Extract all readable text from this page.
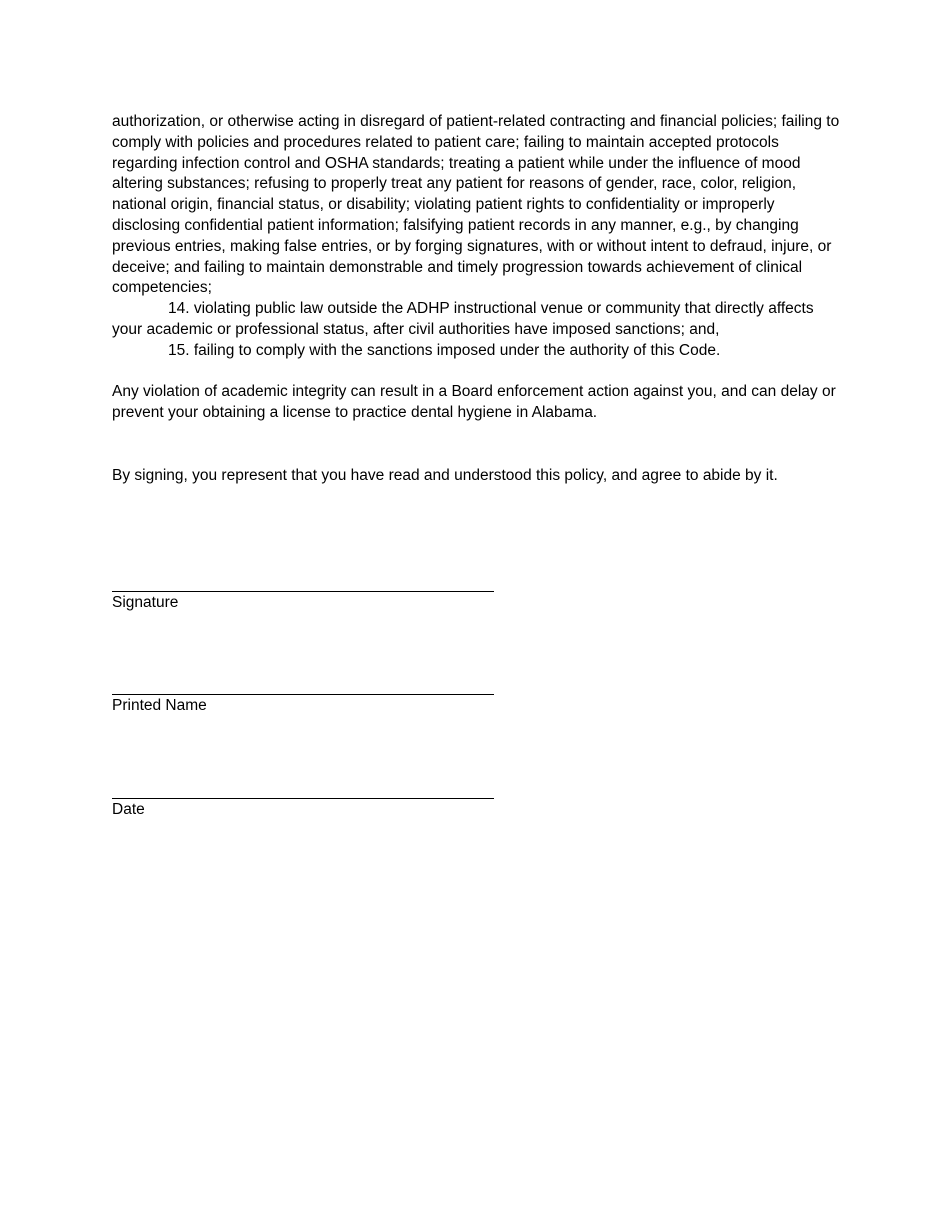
authorization, or otherwise acting in disregard of patient-related contracting and financial policies; failing to comply with policies and procedures related to patient care; failing to maintain accepted protocols regarding infection control and OSHA standards; treating a patient while under the influence of mood altering substances; refusing to properly treat any patient for reasons of gender, race, color, religion, national origin, financial status, or disability; violating patient rights to confidentiality or improperly disclosing confidential patient information; falsifying patient records in any manner, e.g., by changing previous entries, making false entries, or by forging signatures, with or without intent to defraud, injure, or deceive; and failing to maintain demonstrable and timely progression towards achievement of clinical competencies;

14. violating public law outside the ADHP instructional venue or community that directly affects your academic or professional status, after civil authorities have imposed sanctions; and,

15. failing to comply with the sanctions imposed under the authority of this Code.

Any violation of academic integrity can result in a Board enforcement action against you, and can delay or prevent your obtaining a license to practice dental hygiene in Alabama.

By signing, you represent that you have read and understood this policy, and agree to abide by it.

Signature
Printed Name
Date
